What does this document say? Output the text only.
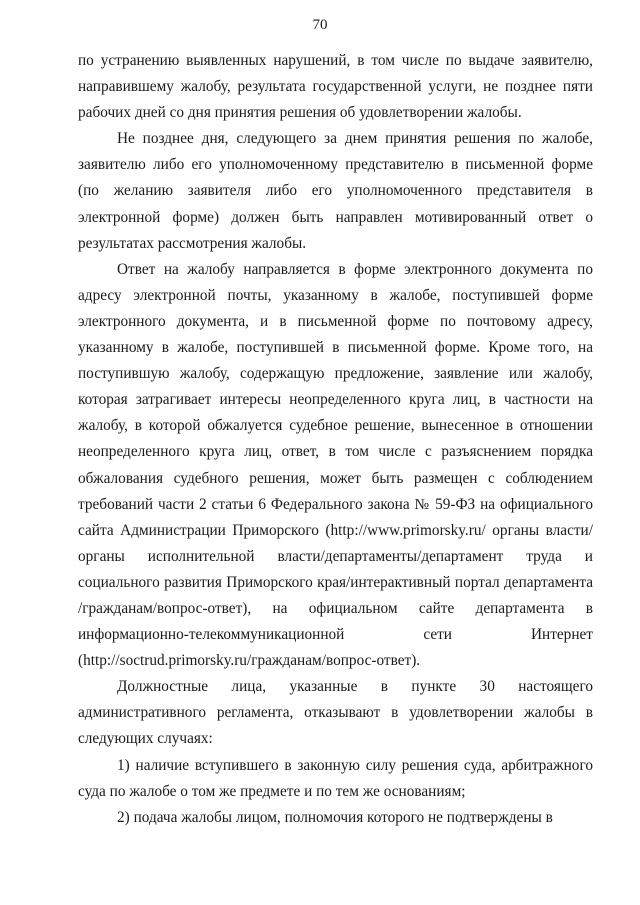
70

по устранению выявленных нарушений, в том числе по выдаче заявителю, направившему жалобу, результата государственной услуги, не позднее пяти рабочих дней со дня принятия решения об удовлетворении жалобы.

Не позднее дня, следующего за днем принятия решения по жалобе, заявителю либо его уполномоченному представителю в письменной форме (по желанию заявителя либо его уполномоченного представителя в электронной форме) должен быть направлен мотивированный ответ о результатах рассмотрения жалобы.

Ответ на жалобу направляется в форме электронного документа по адресу электронной почты, указанному в жалобе, поступившей форме электронного документа, и в письменной форме по почтовому адресу, указанному в жалобе, поступившей в письменной форме. Кроме того, на поступившую жалобу, содержащую предложение, заявление или жалобу, которая затрагивает интересы неопределенного круга лиц, в частности на жалобу, в которой обжалуется судебное решение, вынесенное в отношении неопределенного круга лиц, ответ, в том числе с разъяснением порядка обжалования судебного решения, может быть размещен с соблюдением требований части 2 статьи 6 Федерального закона № 59-ФЗ на официального сайта Администрации Приморского (http://www.primorsky.ru/ органы власти/органы исполнительной власти/департаменты/департамент труда и социального развития Приморского края/интерактивный портал департамента /гражданам/вопрос-ответ), на официальном сайте департамента в информационно-телекоммуникационной сети Интернет (http://soctrud.primorsky.ru/гражданам/вопрос-ответ).

Должностные лица, указанные в пункте 30 настоящего административного регламента, отказывают в удовлетворении жалобы в следующих случаях:

1) наличие вступившего в законную силу решения суда, арбитражного суда по жалобе о том же предмете и по тем же основаниям;

2) подача жалобы лицом, полномочия которого не подтверждены в
